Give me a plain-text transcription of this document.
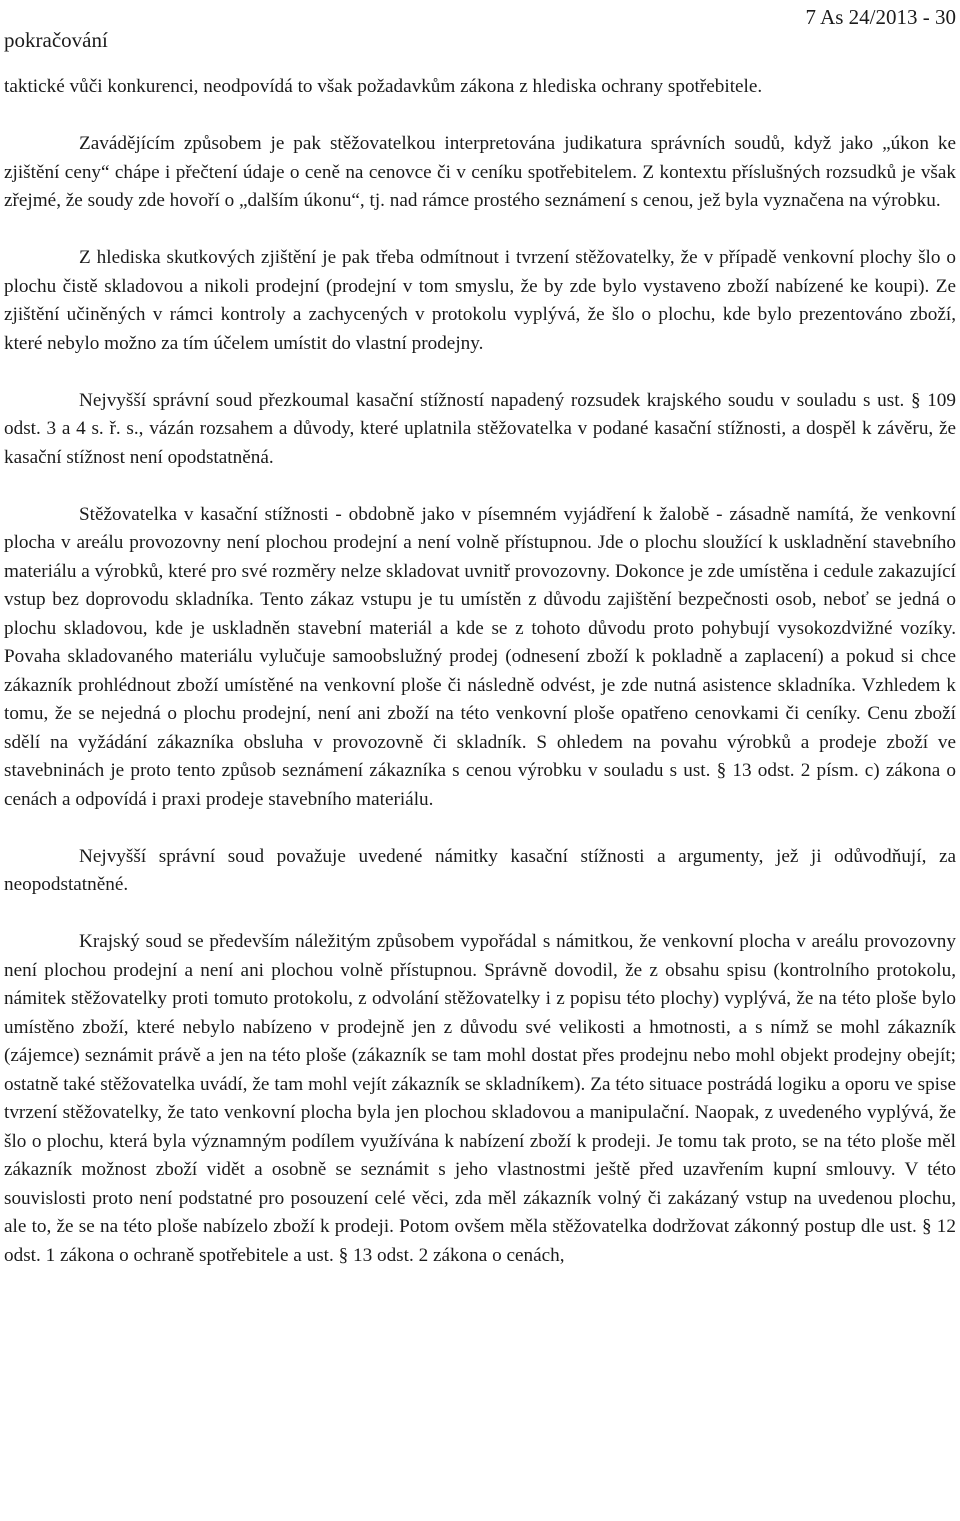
pokračování
7 As 24/2013 - 30

taktické vůči konkurenci, neodpovídá to však požadavkům zákona z hlediska ochrany spotřebitele.

Zavádějícím způsobem je pak stěžovatelkou interpretována judikatura správních soudů, když jako „úkon ke zjištění ceny“ chápe i přečtení údaje o ceně na cenovce či v ceníku spotřebitelem. Z kontextu příslušných rozsudků je však zřejmé, že soudy zde hovoří o „dalším úkonu“, tj. nad rámce prostého seznámení s cenou, jež byla vyznačena na výrobku.

Z hlediska skutkových zjištění je pak třeba odmítnout i tvrzení stěžovatelky, že v případě venkovní plochy šlo o plochu čistě skladovou a nikoli prodejní (prodejní v tom smyslu, že by zde bylo vystaveno zboží nabízené ke koupi). Ze zjištění učiněných v rámci kontroly a zachycených v protokolu vyplývá, že šlo o plochu, kde bylo prezentováno zboží, které nebylo možno za tím účelem umístit do vlastní prodejny.

Nejvyšší správní soud přezkoumal kasační stížností napadený rozsudek krajského soudu v souladu s ust. § 109 odst. 3 a 4 s. ř. s., vázán rozsahem a důvody, které uplatnila stěžovatelka v podané kasační stížnosti, a dospěl k závěru, že kasační stížnost není opodstatněná.

Stěžovatelka v kasační stížnosti - obdobně jako v písemném vyjádření k žalobě - zásadně namítá, že venkovní plocha v areálu provozovny není plochou prodejní a není volně přístupnou. Jde o plochu sloužící k uskladnění stavebního materiálu a výrobků, které pro své rozměry nelze skladovat uvnitř provozovny. Dokonce je zde umístěna i cedule zakazující vstup bez doprovodu skladníka. Tento zákaz vstupu je tu umístěn z důvodu zajištění bezpečnosti osob, neboť se jedná o plochu skladovou, kde je uskladněn stavební materiál a kde se z tohoto důvodu proto pohybují vysokozdvižné vozíky. Povaha skladovaného materiálu vylučuje samoobslužný prodej (odnesení zboží k pokladně a zaplacení) a pokud si chce zákazník prohlédnout zboží umístěné na venkovní ploše či následně odvést, je zde nutná asistence skladníka. Vzhledem k tomu, že se nejedná o plochu prodejní, není ani zboží na této venkovní ploše opatřeno cenovkami či ceníky. Cenu zboží sdělí na vyžádání zákazníka obsluha v provozovně či skladník. S ohledem na povahu výrobků a prodeje zboží ve stavebninách je proto tento způsob seznámení zákazníka s cenou výrobku v souladu s ust. § 13 odst. 2 písm. c) zákona o cenách a odpovídá i praxi prodeje stavebního materiálu.

Nejvyšší správní soud považuje uvedené námitky kasační stížnosti a argumenty, jež ji odůvodňují, za neopodstatněné.

Krajský soud se především náležitým způsobem vypořádal s námitkou, že venkovní plocha v areálu provozovny není plochou prodejní a není ani plochou volně přístupnou. Správně dovodil, že z obsahu spisu (kontrolního protokolu, námitek stěžovatelky proti tomuto protokolu, z odvolání stěžovatelky i z popisu této plochy) vyplývá, že na této ploše bylo umístěno zboží, které nebylo nabízeno v prodejně jen z důvodu své velikosti a hmotnosti, a s nímž se mohl zákazník (zájemce) seznámit právě a jen na této ploše (zákazník se tam mohl dostat přes prodejnu nebo mohl objekt prodejny obejít; ostatně také stěžovatelka uvádí, že tam mohl vejít zákazník se skladníkem). Za této situace postrádá logiku a oporu ve spise tvrzení stěžovatelky, že tato venkovní plocha byla jen plochou skladovou a manipulační. Naopak, z uvedeného vyplývá, že šlo o plochu, která byla významným podílem využívána k nabízení zboží k prodeji. Je tomu tak proto, se na této ploše měl zákazník možnost zboží vidět a osobně se seznámit s jeho vlastnostmi ještě před uzavřením kupní smlouvy. V této souvislosti proto není podstatné pro posouzení celé věci, zda měl zákazník volný či zakázaný vstup na uvedenou plochu, ale to, že se na této ploše nabízelo zboží k prodeji. Potom ovšem měla stěžovatelka dodržovat zákonný postup dle ust. § 12 odst. 1 zákona o ochraně spotřebitele a ust. § 13 odst. 2 zákona o cenách,
